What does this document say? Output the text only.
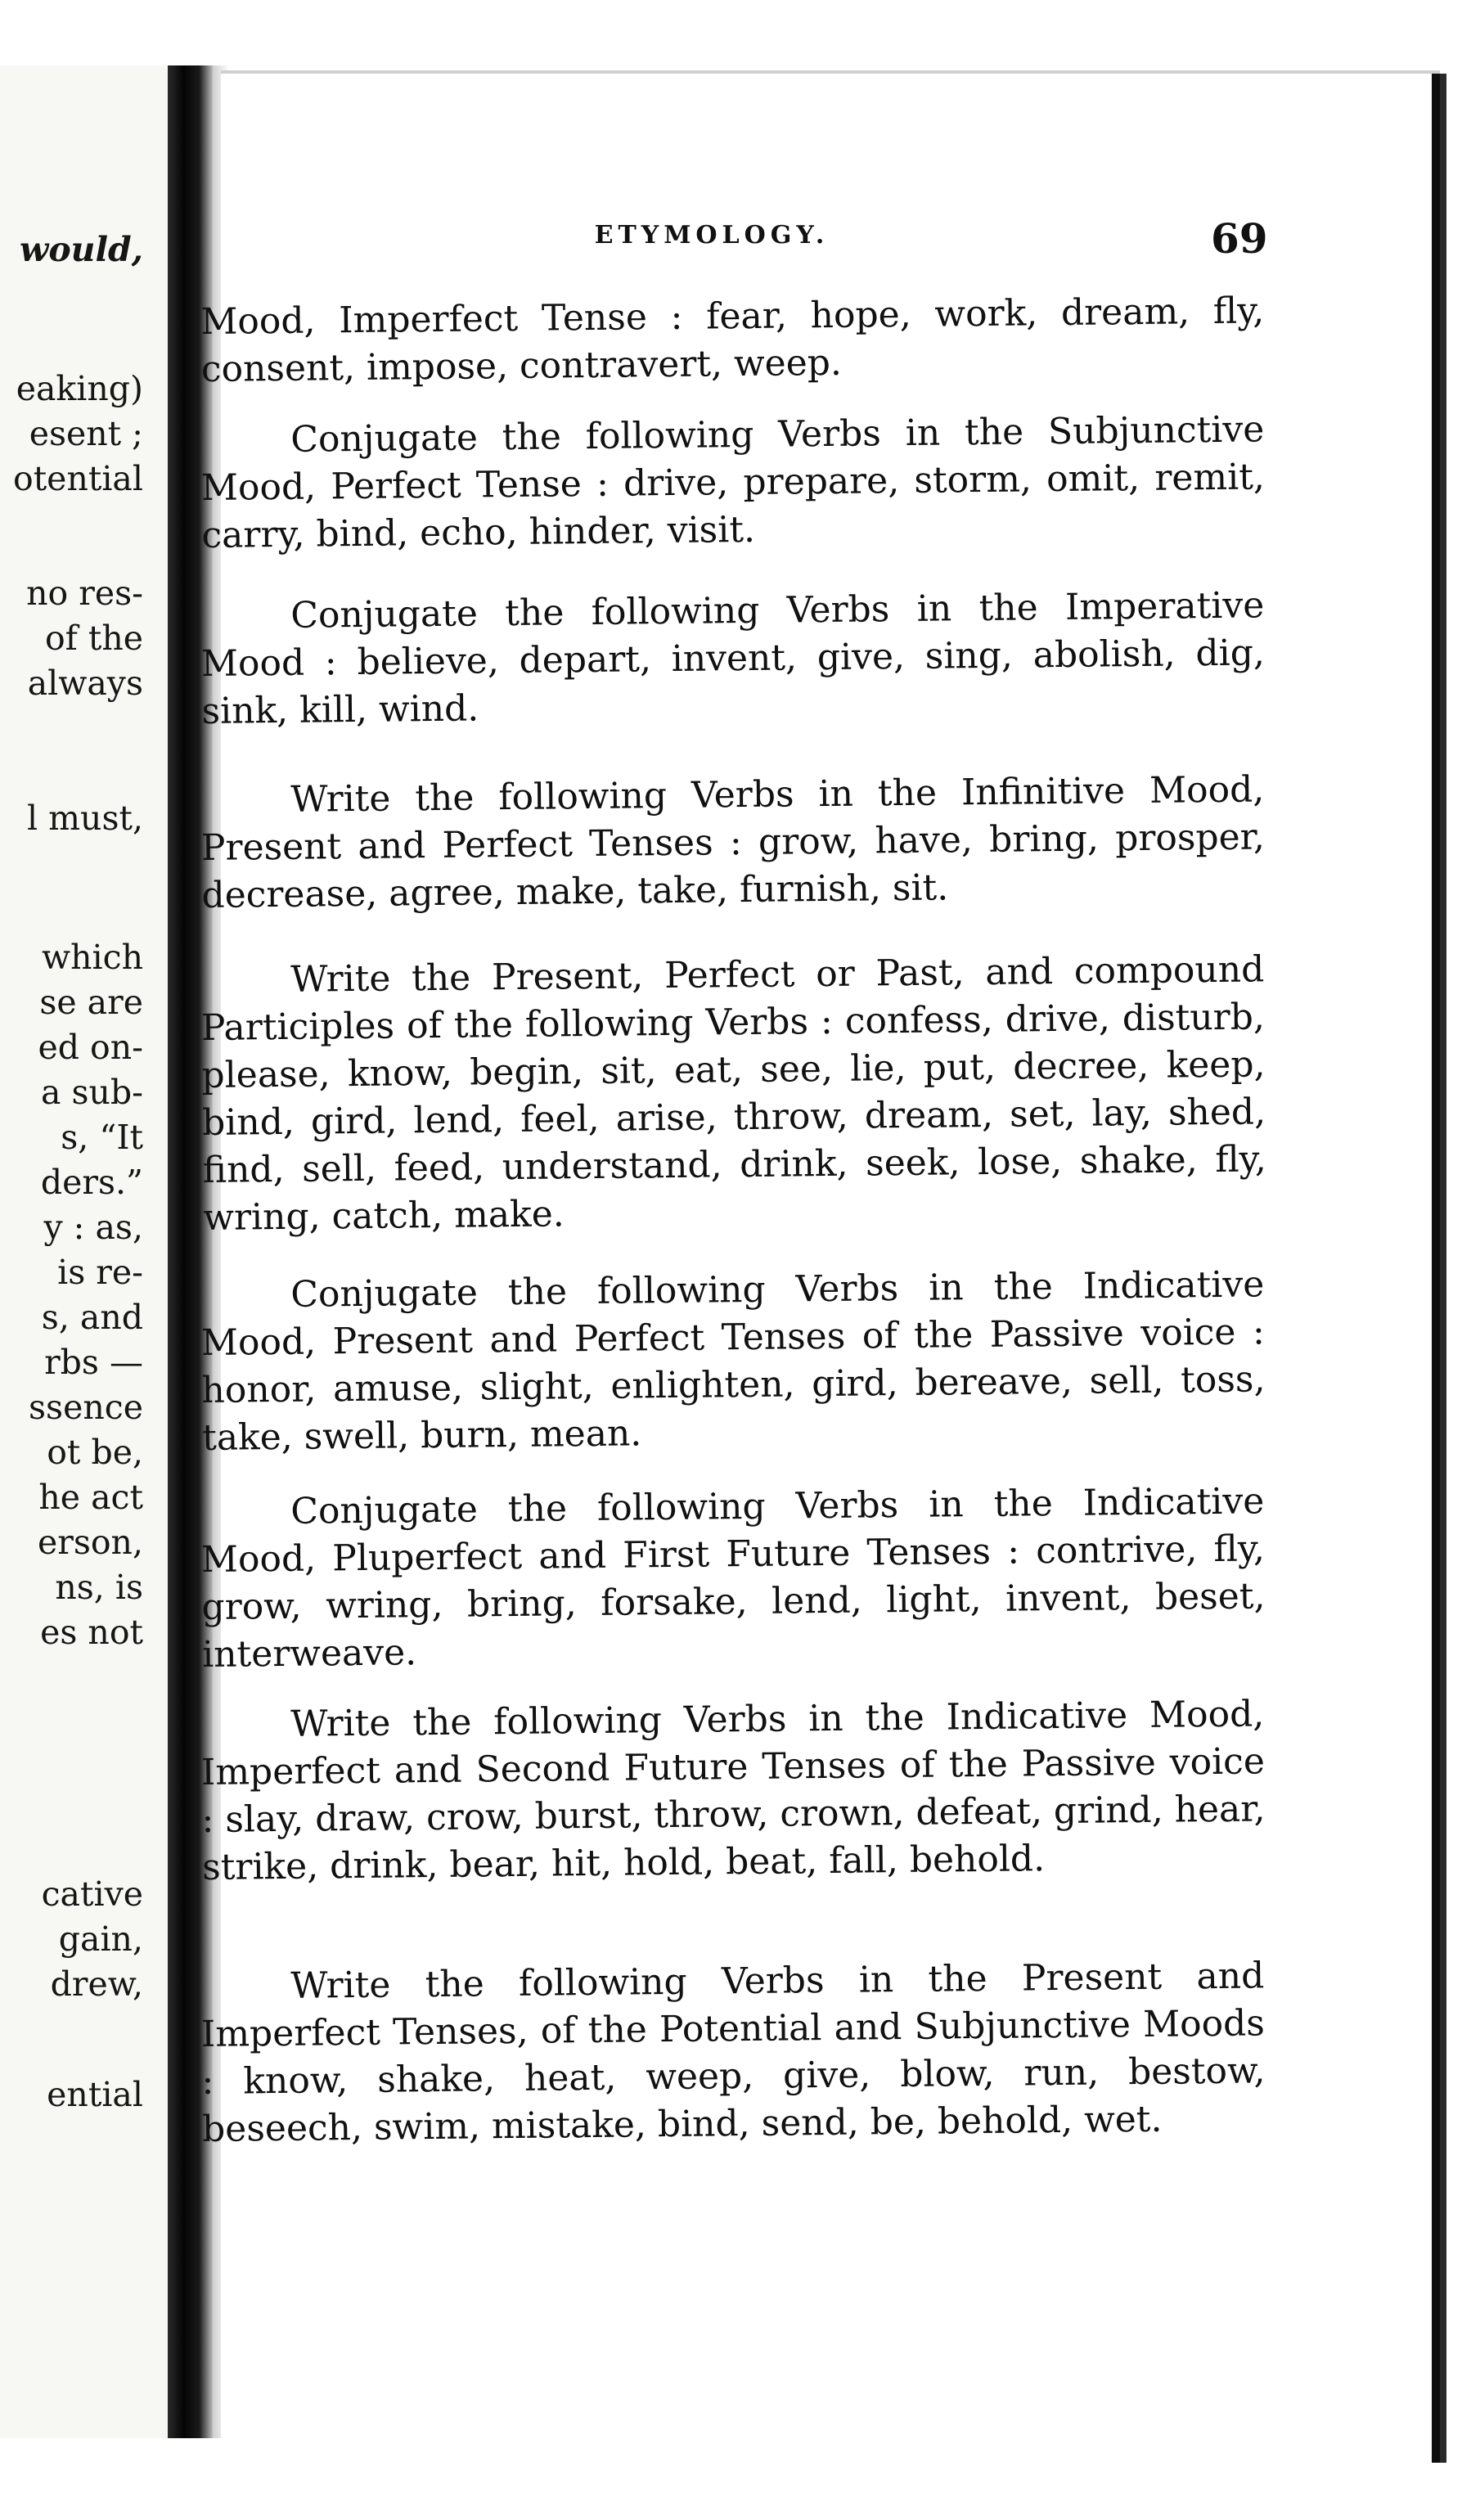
would,
eaking)
esent ;
otential
no res-
of the
always
l must,
which
se are
ed on-
a sub-
s, “It
ders.”
y : as,
is re-
s, and
rbs —
ssence
ot be,
he act
erson,
ns, is
es not
cative
gain,
drew,
ential
ETYMOLOGY.	69
Mood, Imperfect Tense : fear, hope, work, dream, fly, consent, impose, contravert, weep.
Conjugate the following Verbs in the Subjunctive Mood, Perfect Tense : drive, prepare, storm, omit, remit, carry, bind, echo, hinder, visit.
Conjugate the following Verbs in the Imperative Mood : believe, depart, invent, give, sing, abolish, dig, sink, kill, wind.
Write the following Verbs in the Infinitive Mood, Present and Perfect Tenses : grow, have, bring, prosper, decrease, agree, make, take, furnish, sit.
Write the Present, Perfect or Past, and compound Participles of the following Verbs : confess, drive, disturb, please, know, begin, sit, eat, see, lie, put, decree, keep, bind, gird, lend, feel, arise, throw, dream, set, lay, shed, find, sell, feed, understand, drink, seek, lose, shake, fly, wring, catch, make.
Conjugate the following Verbs in the Indicative Mood, Present and Perfect Tenses of the Passive voice : honor, amuse, slight, enlighten, gird, bereave, sell, toss, take, swell, burn, mean.
Conjugate the following Verbs in the Indicative Mood, Pluperfect and First Future Tenses : contrive, fly, grow, wring, bring, forsake, lend, light, invent, beset, interweave.
Write the following Verbs in the Indicative Mood, Imperfect and Second Future Tenses of the Passive voice : slay, draw, crow, burst, throw, crown, defeat, grind, hear, strike, drink, bear, hit, hold, beat, fall, behold.
Write the following Verbs in the Present and Imperfect Tenses, of the Potential and Subjunctive Moods : know, shake, heat, weep, give, blow, run, bestow, beseech, swim, mistake, bind, send, be, behold, wet.
